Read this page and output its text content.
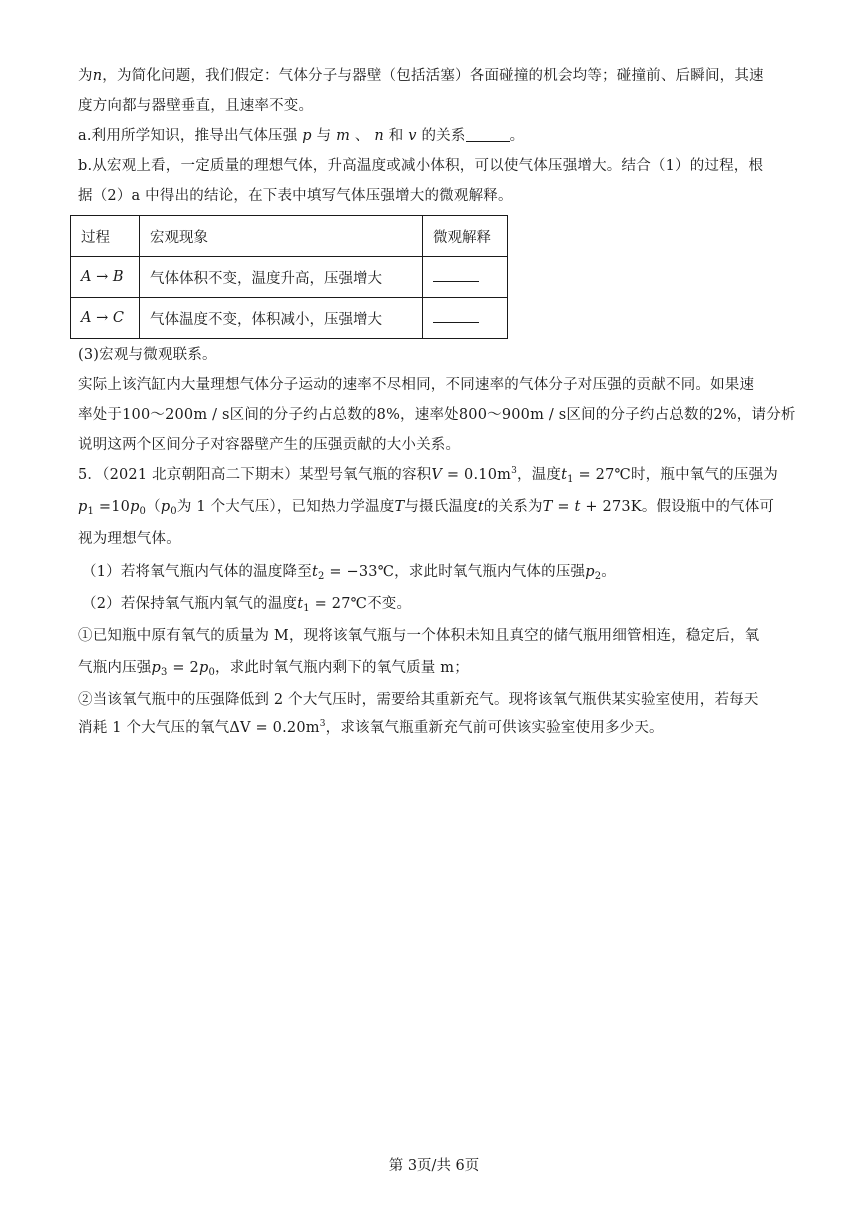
为n，为简化问题，我们假定：气体分子与器壁（包括活塞）各面碰撞的机会均等；碰撞前、后瞬间，其速
度方向都与器壁垂直，且速率不变。
a.利用所学知识，推导出气体压强 p 与 m 、 n 和 v 的关系	。
b.从宏观上看，一定质量的理想气体，升高温度或减小体积，可以使气体压强增大。结合（1）的过程，根
据（2）a 中得出的结论，在下表中填写气体压强增大的微观解释。
过程	宏观现象	微观解释
A → B	气体体积不变，温度升高，压强增大	
A → C	气体温度不变，体积减小，压强增大	
(3)宏观与微观联系。
实际上该汽缸内大量理想气体分子运动的速率不尽相同，不同速率的气体分子对压强的贡献不同。如果速
率处于100～200m / s区间的分子约占总数的8%，速率处800～900m / s区间的分子约占总数的2%，请分析
说明这两个区间分子对容器壁产生的压强贡献的大小关系。
5．（2021 北京朝阳高二下期末）某型号氧气瓶的容积$V = 0.10m^3$，温度$t_1$ = 27℃时，瓶中氧气的压强为
$p_1 =10p_0(p_0$为 1 个大气压），已知热力学温度T与摄氏温度t的关系为T = t + 273K。假设瓶中的气体可
视为理想气体。
（1）若将氧气瓶内气体的温度降至$t_2$ = −33℃，求此时氧气瓶内气体的压强$p_2$。
（2）若保持氧气瓶内氧气的温度$t_1$ = 27℃不变。
①已知瓶中原有氧气的质量为 M，现将该氧气瓶与一个体积未知且真空的储气瓶用细管相连，稳定后，氧
气瓶内压强$p_3 = 2p_0$，求此时氧气瓶内剩下的氧气质量 m；
②当该氧气瓶中的压强降低到 2 个大气压时，需要给其重新充气。现将该氧气瓶供某实验室使用，若每天
消耗 1 个大气压的氧气$\Delta V = 0.20m^3$，求该氧气瓶重新充气前可供该实验室使用多少天。
第 3页/共 6页
